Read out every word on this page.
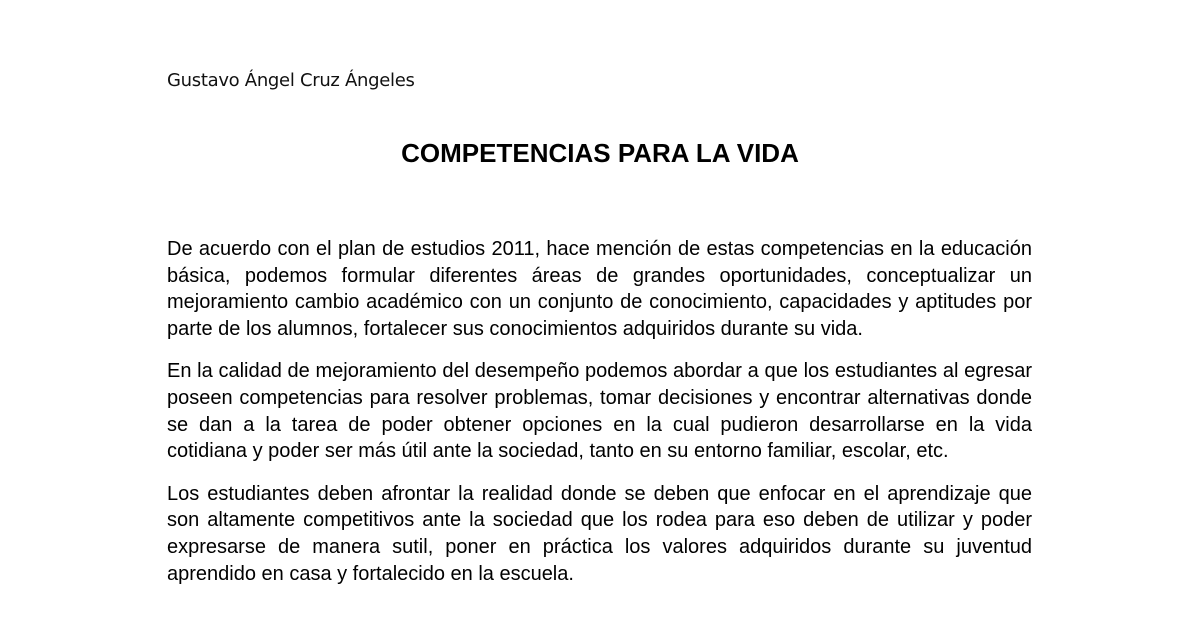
Gustavo Ángel Cruz Ángeles
COMPETENCIAS PARA LA VIDA

De acuerdo con el plan de estudios 2011, hace mención de estas competencias en la educación básica, podemos formular diferentes áreas de grandes oportunidades, conceptualizar un mejoramiento cambio académico con un conjunto de conocimiento, capacidades y aptitudes por parte de los alumnos, fortalecer sus conocimientos adquiridos durante su vida.

En la calidad de mejoramiento del desempeño podemos abordar a que los estudiantes al egresar poseen competencias para resolver problemas, tomar decisiones y encontrar alternativas donde se dan a la tarea de poder obtener opciones en la cual pudieron desarrollarse en la vida cotidiana y poder ser más útil ante la sociedad, tanto en su entorno familiar, escolar, etc.

Los estudiantes deben afrontar la realidad donde se deben que enfocar en el aprendizaje que son altamente competitivos ante la sociedad que los rodea para eso deben de utilizar y poder expresarse de manera sutil, poner en práctica los valores adquiridos durante su juventud aprendido en casa y fortalecido en la escuela.
